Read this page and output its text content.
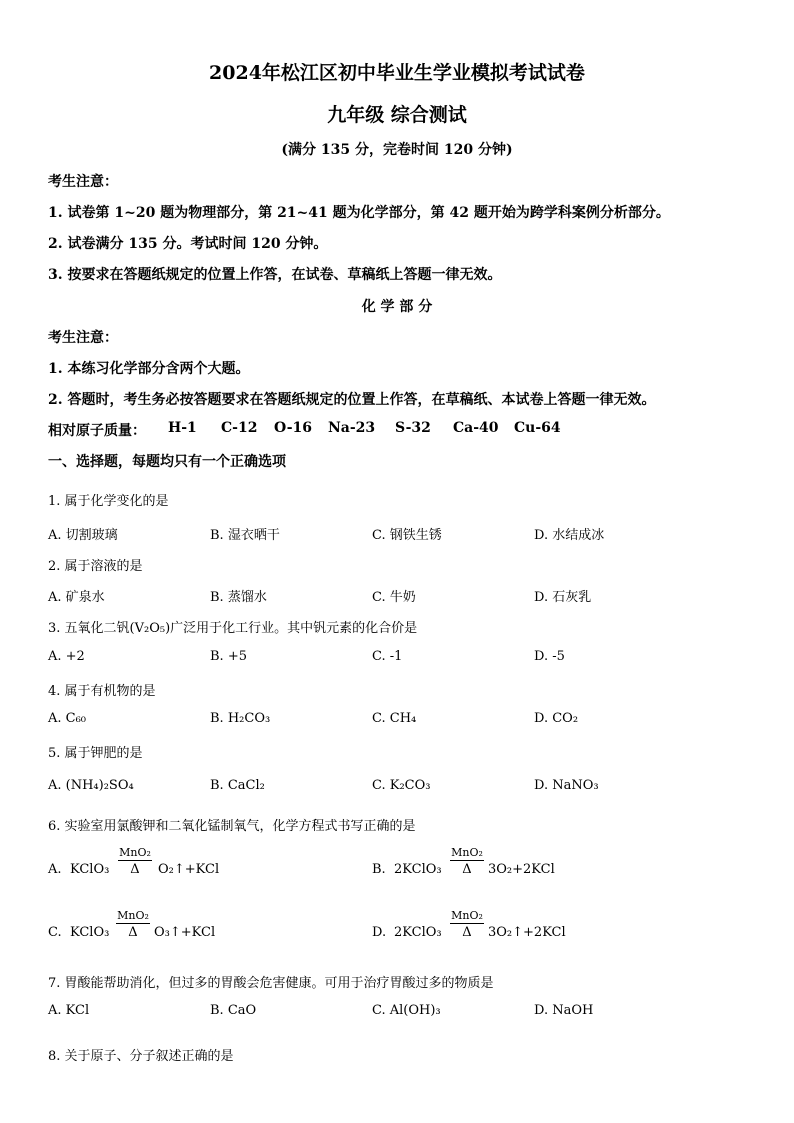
2024年松江区初中毕业生学业模拟考试试卷
九年级 综合测试
(满分 135 分，完卷时间 120 分钟)
考生注意：
1. 试卷第 1~20 题为物理部分，第 21~41 题为化学部分，第 42 题开始为跨学科案例分析部分。
2. 试卷满分 135 分。考试时间 120 分钟。
3. 按要求在答题纸规定的位置上作答，在试卷、草稿纸上答题一律无效。
化 学 部 分
考生注意：
1. 本练习化学部分含两个大题。
2. 答题时，考生务必按答题要求在答题纸规定的位置上作答，在草稿纸、本试卷上答题一律无效。
相对原子质量： H-1 C-12 O-16 Na-23 S-32 Ca-40 Cu-64
一、选择题，每题均只有一个正确选项
1. 属于化学变化的是
A. 切割玻璃	B. 湿衣晒干	C. 钢铁生锈	D. 水结成冰
2. 属于溶液的是
A. 矿泉水	B. 蒸馏水	C. 牛奶	D. 石灰乳
3. 五氧化二钒(V₂O₅)广泛用于化工行业。其中钒元素的化合价是
A. +2	B. +5	C. -1	D. -5
4. 属于有机物的是
A. C₆₀	B. H₂CO₃	C. CH₄	D. CO₂
5. 属于钾肥的是
A. (NH₄)₂SO₄	B. CaCl₂	C. K₂CO₃	D. NaNO₃
6. 实验室用氯酸钾和二氧化锰制氧气，化学方程式书写正确的是
A. KClO₃
MnO₂
Δ	O₂↑+KCl	B. 2KClO₃
MnO₂
Δ	3O₂+2KCl
C. KClO₃
MnO₂
Δ	O₃↑+KCl	D. 2KClO₃
MnO₂
Δ	3O₂↑+2KCl
7. 胃酸能帮助消化，但过多的胃酸会危害健康。可用于治疗胃酸过多的物质是
A. KCl	B. CaO	C. Al(OH)₃	D. NaOH
8. 关于原子、分子叙述正确的是
